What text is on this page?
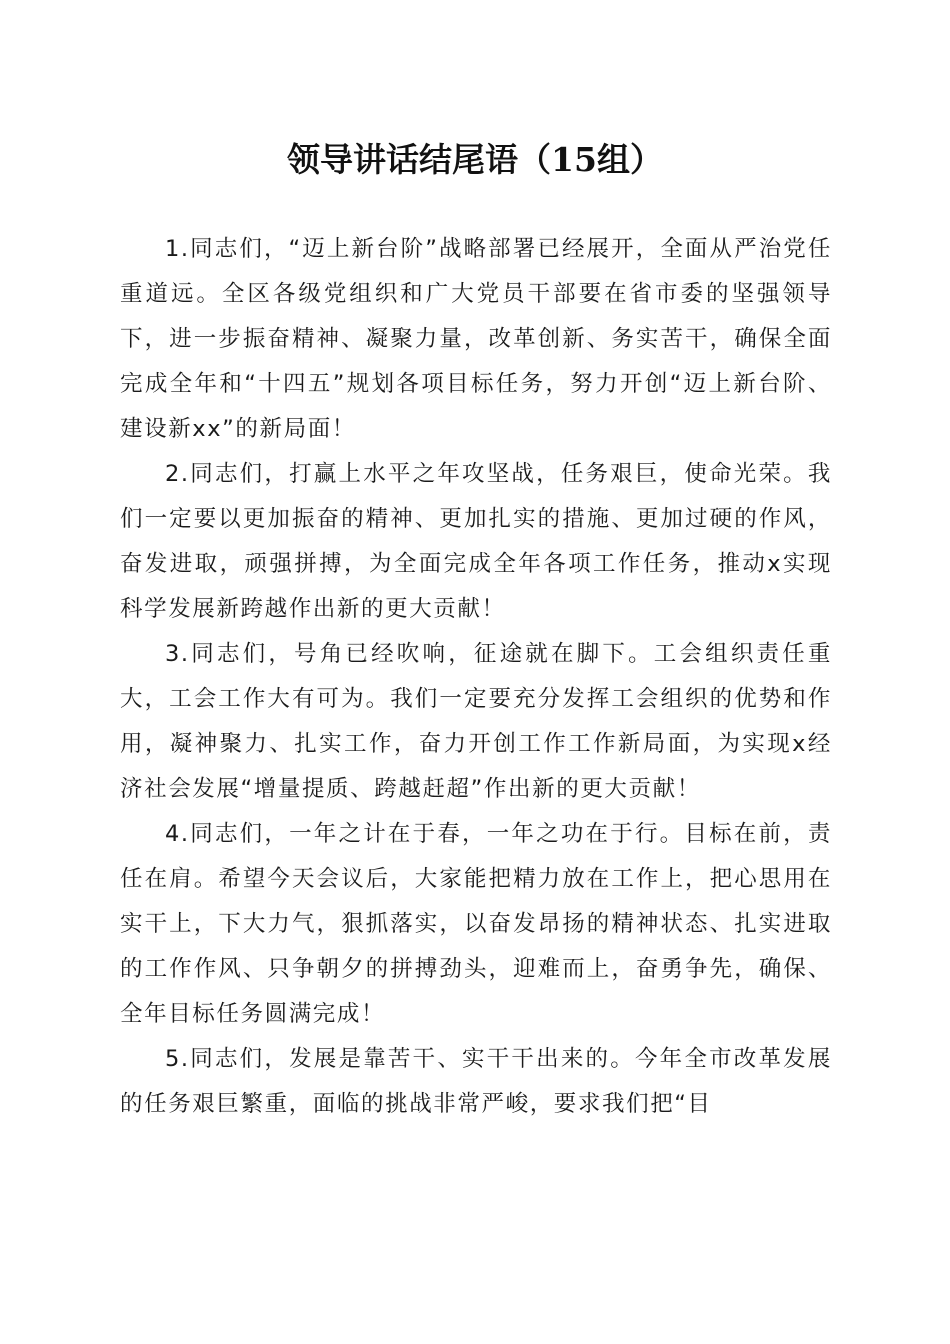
领导讲话结尾语（15组）

1.同志们，“迈上新台阶”战略部署已经展开，全面从严治党任重道远。全区各级党组织和广大党员干部要在省市委的坚强领导下，进一步振奋精神、凝聚力量，改革创新、务实苦干，确保全面完成全年和“十四五”规划各项目标任务，努力开创“迈上新台阶、建设新xx”的新局面！

2.同志们，打赢上水平之年攻坚战，任务艰巨，使命光荣。我们一定要以更加振奋的精神、更加扎实的措施、更加过硬的作风，奋发进取，顽强拼搏，为全面完成全年各项工作任务，推动x实现科学发展新跨越作出新的更大贡献！

3.同志们，号角已经吹响，征途就在脚下。工会组织责任重大，工会工作大有可为。我们一定要充分发挥工会组织的优势和作用，凝神聚力、扎实工作，奋力开创工作工作新局面，为实现x经济社会发展“增量提质、跨越赶超”作出新的更大贡献！

4.同志们，一年之计在于春，一年之功在于行。目标在前，责任在肩。希望今天会议后，大家能把精力放在工作上，把心思用在实干上，下大力气，狠抓落实，以奋发昂扬的精神状态、扎实进取的工作作风、只争朝夕的拼搏劲头，迎难而上，奋勇争先，确保、全年目标任务圆满完成！

5.同志们，发展是靠苦干、实干干出来的。今年全市改革发展的任务艰巨繁重，面临的挑战非常严峻，要求我们把“目
